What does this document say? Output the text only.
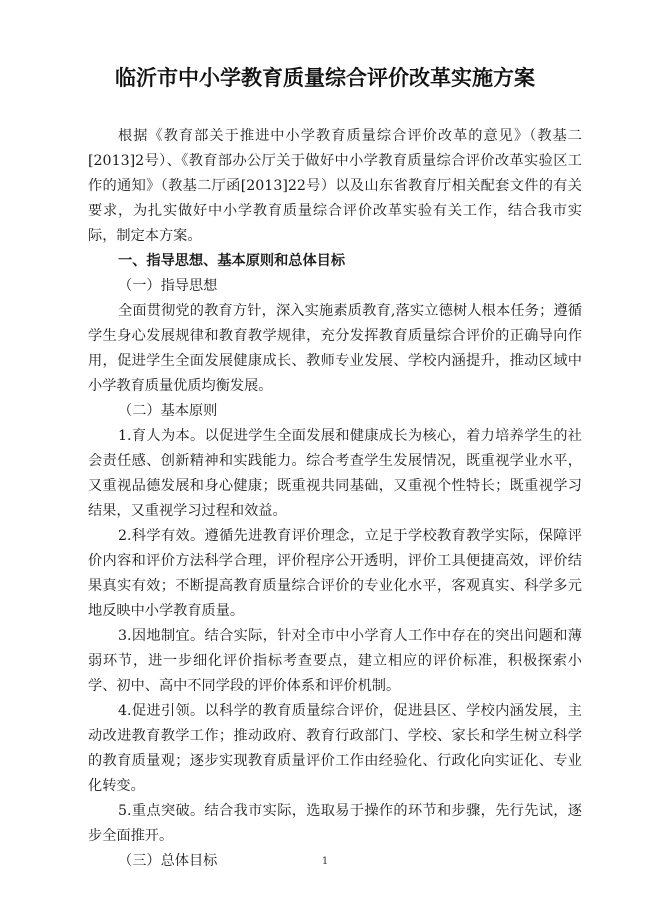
临沂市中小学教育质量综合评价改革实施方案

根据《教育部关于推进中小学教育质量综合评价改革的意见》（教基二[2013]2号）、《教育部办公厅关于做好中小学教育质量综合评价改革实验区工作的通知》（教基二厅函[2013]22号）以及山东省教育厅相关配套文件的有关要求，为扎实做好中小学教育质量综合评价改革实验有关工作，结合我市实际，制定本方案。

一、指导思想、基本原则和总体目标

（一）指导思想

全面贯彻党的教育方针，深入实施素质教育,落实立德树人根本任务；遵循学生身心发展规律和教育教学规律，充分发挥教育质量综合评价的正确导向作用，促进学生全面发展健康成长、教师专业发展、学校内涵提升，推动区域中小学教育质量优质均衡发展。

（二）基本原则

1.育人为本。以促进学生全面发展和健康成长为核心，着力培养学生的社会责任感、创新精神和实践能力。综合考查学生发展情况，既重视学业水平，又重视品德发展和身心健康；既重视共同基础，又重视个性特长；既重视学习结果，又重视学习过程和效益。

2.科学有效。遵循先进教育评价理念，立足于学校教育教学实际，保障评价内容和评价方法科学合理，评价程序公开透明，评价工具便捷高效，评价结果真实有效；不断提高教育质量综合评价的专业化水平，客观真实、科学多元地反映中小学教育质量。

3.因地制宜。结合实际，针对全市中小学育人工作中存在的突出问题和薄弱环节，进一步细化评价指标考查要点，建立相应的评价标准，积极探索小学、初中、高中不同学段的评价体系和评价机制。

4.促进引领。以科学的教育质量综合评价，促进县区、学校内涵发展，主动改进教育教学工作；推动政府、教育行政部门、学校、家长和学生树立科学的教育质量观；逐步实现教育质量评价工作由经验化、行政化向实证化、专业化转变。

5.重点突破。结合我市实际，选取易于操作的环节和步骤，先行先试，逐步全面推开。

（三）总体目标	1
